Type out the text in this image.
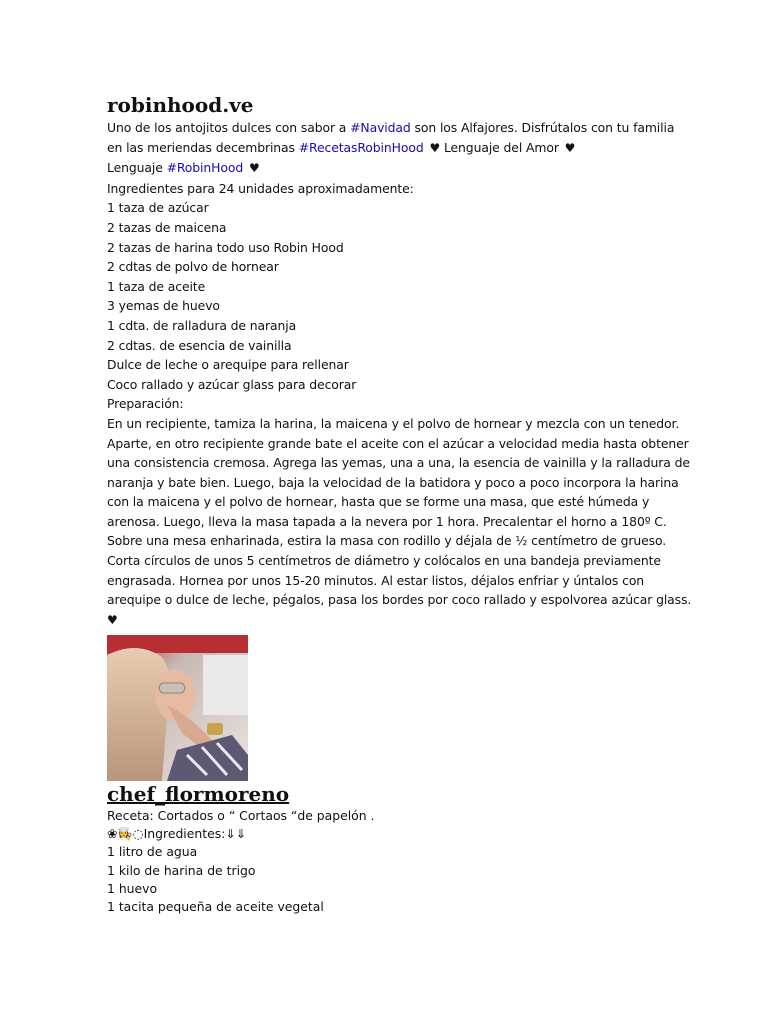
robinhood.ve
Uno de los antojitos dulces con sabor a #Navidad son los Alfajores. Disfrútalos con tu familia
en las meriendas decembrinas #RecetasRobinHood ♥ Lenguaje del Amor ♥
Lenguaje #RobinHood ♥
Ingredientes para 24 unidades aproximadamente:
1 taza de azúcar
2 tazas de maicena
2 tazas de harina todo uso Robin Hood
2 cdtas de polvo de hornear
1 taza de aceite
3 yemas de huevo
1 cdta. de ralladura de naranja
2 cdtas. de esencia de vainilla
Dulce de leche o arequipe para rellenar
Coco rallado y azúcar glass para decorar
Preparación:
En un recipiente, tamiza la harina, la maicena y el polvo de hornear y mezcla con un tenedor.
Aparte, en otro recipiente grande bate el aceite con el azúcar a velocidad media hasta obtener
una consistencia cremosa. Agrega las yemas, una a una, la esencia de vainilla y la ralladura de
naranja y bate bien. Luego, baja la velocidad de la batidora y poco a poco incorpora la harina
con la maicena y el polvo de hornear, hasta que se forme una masa, que esté húmeda y
arenosa. Luego, lleva la masa tapada a la nevera por 1 hora. Precalentar el horno a 180º C.
Sobre una mesa enharinada, estira la masa con rodillo y déjala de ½ centímetro de grueso.
Corta círculos de unos 5 centímetros de diámetro y colócalos en una bandeja previamente
engrasada. Hornea por unos 15-20 minutos. Al estar listos, déjalos enfriar y úntalos con
arequipe o dulce de leche, pégalos, pasa los bordes por coco rallado y espolvorea azúcar glass.
♥
chef_flormoreno
Receta: Cortados o “ Cortaos “de papelón .
❀👩‍🍳◌Ingredientes:⇓⇓
1 litro de agua
1 kilo de harina de trigo
1 huevo
1 tacita pequeña de aceite vegetal
